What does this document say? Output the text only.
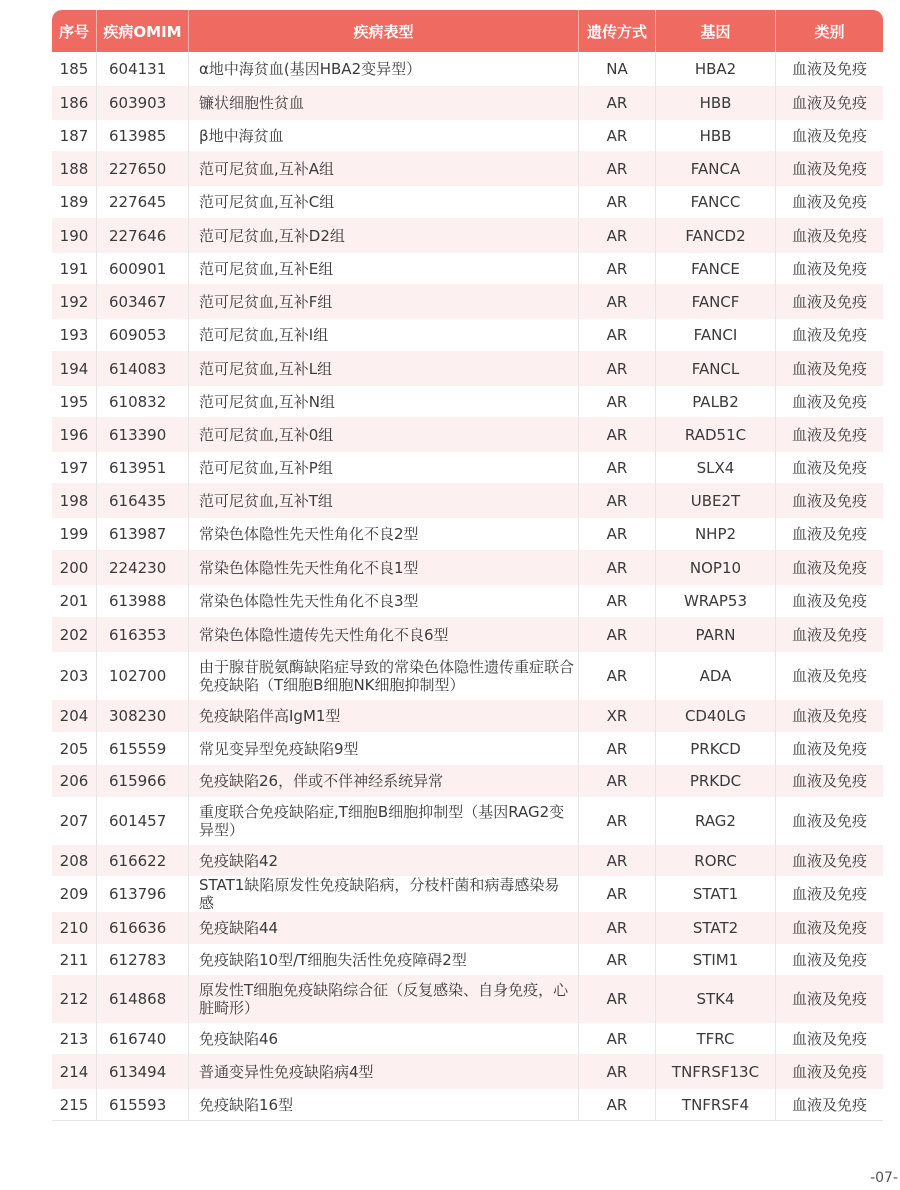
序号	疾病OMIM	疾病表型	遗传方式	基因	类别
185	604131	α地中海贫血(基因HBA2变异型）	NA	HBA2	血液及免疫
186	603903	镰状细胞性贫血	AR	HBB	血液及免疫
187	613985	β地中海贫血	AR	HBB	血液及免疫
188	227650	范可尼贫血,互补A组	AR	FANCA	血液及免疫
189	227645	范可尼贫血,互补C组	AR	FANCC	血液及免疫
190	227646	范可尼贫血,互补D2组	AR	FANCD2	血液及免疫
191	600901	范可尼贫血,互补E组	AR	FANCE	血液及免疫
192	603467	范可尼贫血,互补F组	AR	FANCF	血液及免疫
193	609053	范可尼贫血,互补I组	AR	FANCI	血液及免疫
194	614083	范可尼贫血,互补L组	AR	FANCL	血液及免疫
195	610832	范可尼贫血,互补N组	AR	PALB2	血液及免疫
196	613390	范可尼贫血,互补0组	AR	RAD51C	血液及免疫
197	613951	范可尼贫血,互补P组	AR	SLX4	血液及免疫
198	616435	范可尼贫血,互补T组	AR	UBE2T	血液及免疫
199	613987	常染色体隐性先天性角化不良2型	AR	NHP2	血液及免疫
200	224230	常染色体隐性先天性角化不良1型	AR	NOP10	血液及免疫
201	613988	常染色体隐性先天性角化不良3型	AR	WRAP53	血液及免疫
202	616353	常染色体隐性遗传先天性角化不良6型	AR	PARN	血液及免疫
203	102700	由于腺苷脱氨酶缺陷症导致的常染色体隐性遗传重症联合免疫缺陷（T细胞B细胞NK细胞抑制型）	AR	ADA	血液及免疫
204	308230	免疫缺陷伴高IgM1型	XR	CD40LG	血液及免疫
205	615559	常见变异型免疫缺陷9型	AR	PRKCD	血液及免疫
206	615966	免疫缺陷26，伴或不伴神经系统异常	AR	PRKDC	血液及免疫
207	601457	重度联合免疫缺陷症,T细胞B细胞抑制型（基因RAG2变异型）	AR	RAG2	血液及免疫
208	616622	免疫缺陷42	AR	RORC	血液及免疫
209	613796	STAT1缺陷原发性免疫缺陷病，分枝杆菌和病毒感染易感	AR	STAT1	血液及免疫
210	616636	免疫缺陷44	AR	STAT2	血液及免疫
211	612783	免疫缺陷10型/T细胞失活性免疫障碍2型	AR	STIM1	血液及免疫
212	614868	原发性T细胞免疫缺陷综合征（反复感染、自身免疫，心脏畸形）	AR	STK4	血液及免疫
213	616740	免疫缺陷46	AR	TFRC	血液及免疫
214	613494	普通变异性免疫缺陷病4型	AR	TNFRSF13C	血液及免疫
215	615593	免疫缺陷16型	AR	TNFRSF4	血液及免疫
-07-
